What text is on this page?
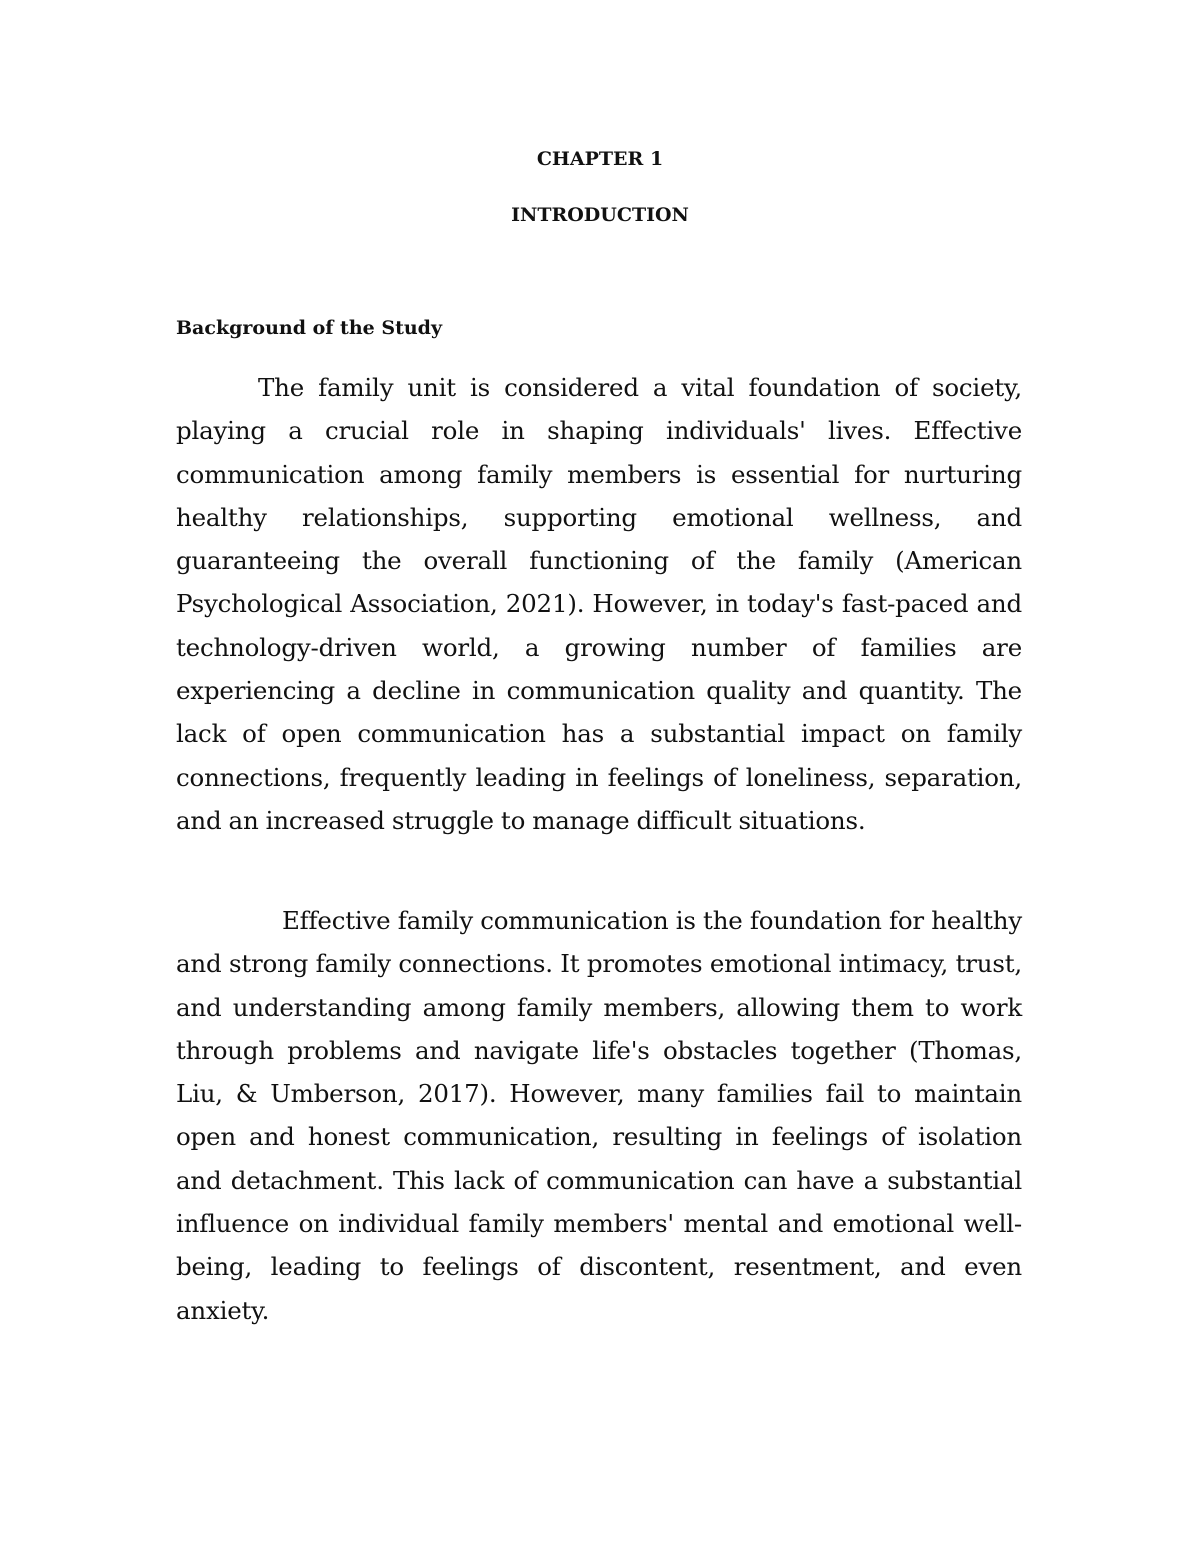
CHAPTER 1
INTRODUCTION
Background of the Study

The family unit is considered a vital foundation of society, playing a crucial role in shaping individuals' lives. Effective communication among family members is essential for nurturing healthy relationships, supporting emotional wellness, and guaranteeing the overall functioning of the family (American Psychological Association, 2021). However, in today's fast-paced and technology-driven world, a growing number of families are experiencing a decline in communication quality and quantity. The lack of open communication has a substantial impact on family connections, frequently leading in feelings of loneliness, separation, and an increased struggle to manage difficult situations.

Effective family communication is the foundation for healthy and strong family connections. It promotes emotional intimacy, trust, and understanding among family members, allowing them to work through problems and navigate life's obstacles together (Thomas, Liu, & Umberson, 2017). However, many families fail to maintain open and honest communication, resulting in feelings of isolation and detachment. This lack of communication can have a substantial influence on individual family members' mental and emotional well-being, leading to feelings of discontent, resentment, and even anxiety.
